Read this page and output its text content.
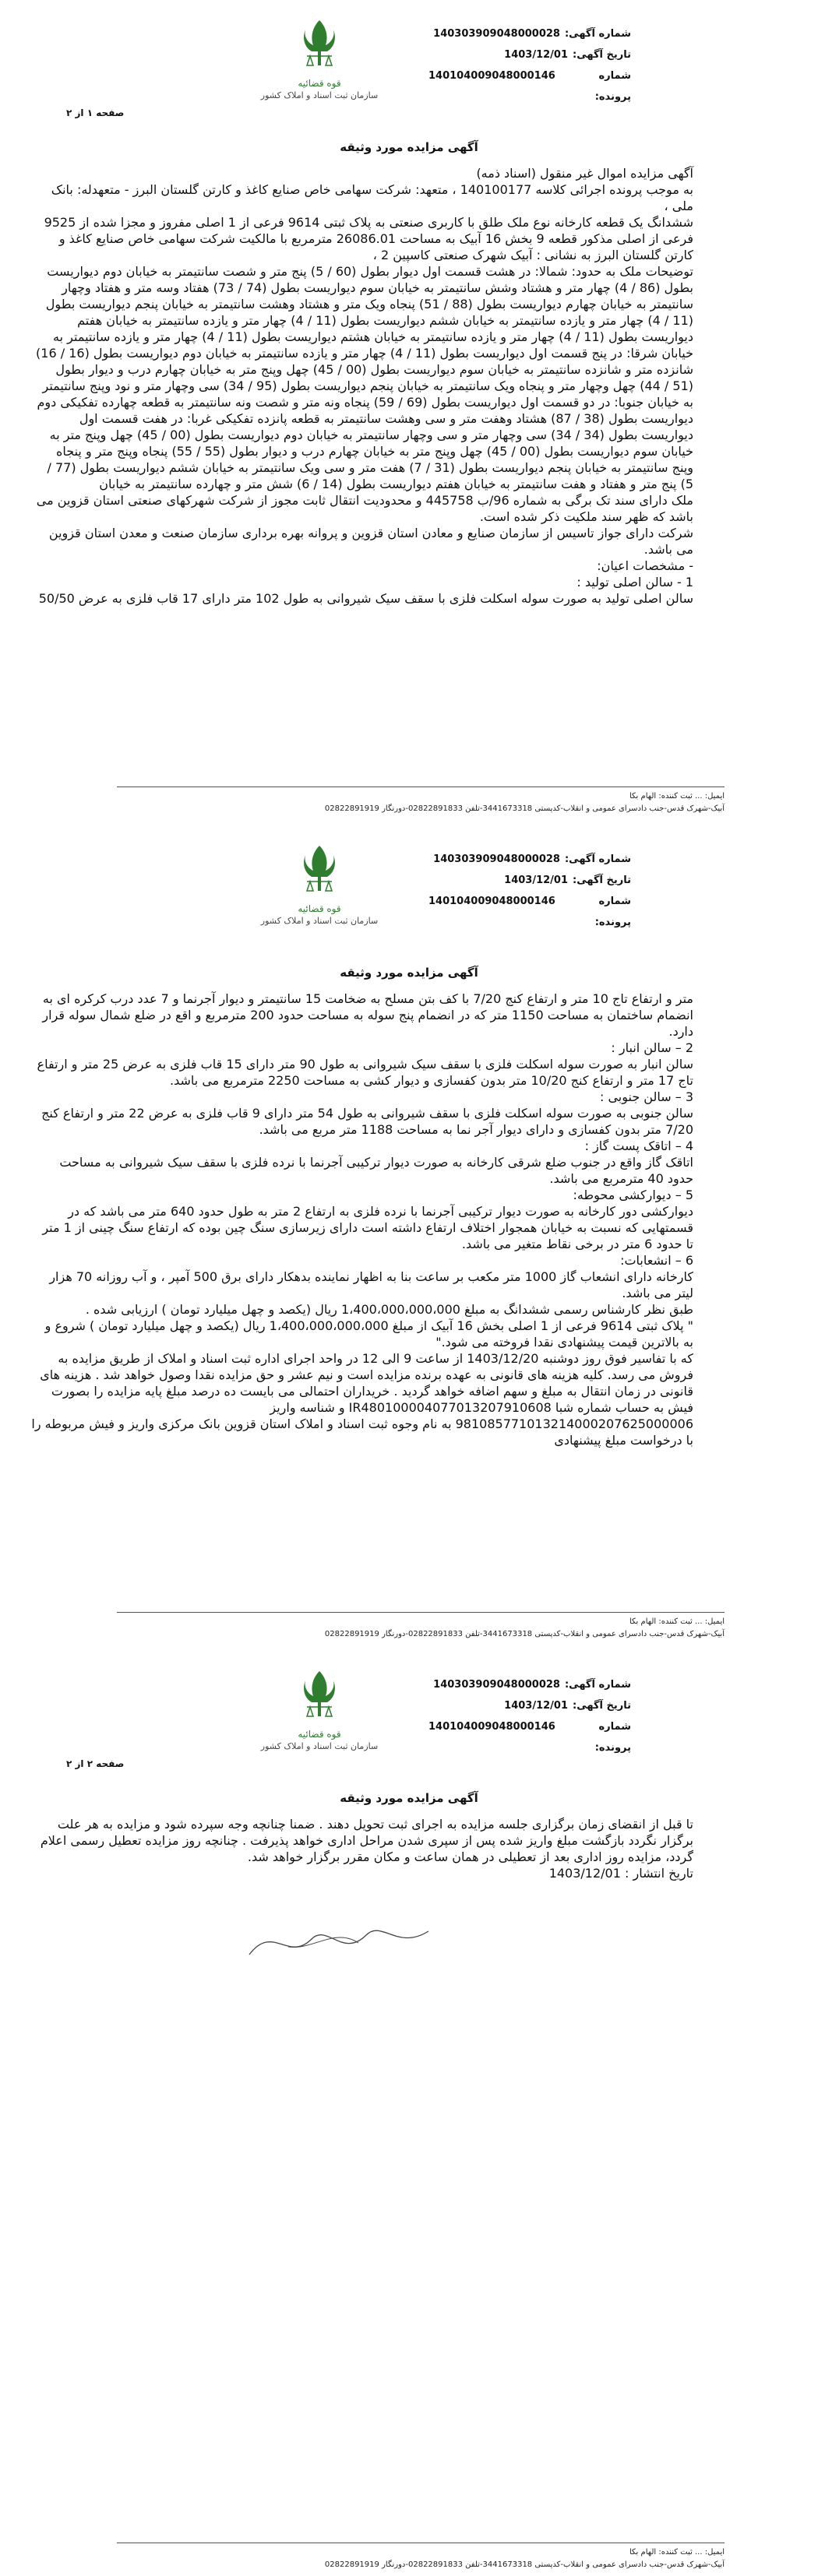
شماره آگهی:
140303909048000028
تاریخ آگهی:
1403/12/01
شماره پرونده:
140104009048000146
قوه قضائیه
سازمان ثبت اسناد و املاک کشور
صفحه ۱ از ۲
آگهی مزایده مورد وثیقه

آگهی مزایده اموال غیر منقول (اسناد ذمه)

به موجب پرونده اجرائی کلاسه 140100177 ، متعهد: شرکت سهامی خاص صنایع کاغذ و کارتن گلستان البرز - متعهدله: بانک ملی ،

ششدانگ یک قطعه کارخانه نوع ملک طلق با کاربری صنعتی به پلاک ثبتی 9614 فرعی از 1 اصلی مفروز و مجزا شده از 9525 فرعی از اصلی مذکور قطعه 9 بخش 16 آبیک به مساحت 26086.01 مترمربع با مالکیت شرکت سهامی خاص صنایع کاغذ و کارتن گلستان البرز به نشانی : آبیک شهرک صنعتی کاسپین 2 ،

توضیحات ملک به حدود: شمالا: در هشت قسمت اول دیوار بطول (60 / 5) پنج متر و شصت سانتیمتر به خیابان دوم دیواریست بطول (86 / 4) چهار متر و هشتاد وشش سانتیمتر به خیابان سوم دیواریست بطول (74 / 73) هفتاد وسه متر و هفتاد وچهار سانتیمتر به خیابان چهارم دیواریست بطول (88 / 51) پنجاه ویک متر و هشتاد وهشت سانتیمتر به خیابان پنجم دیواریست بطول (11 / 4) چهار متر و یازده سانتیمتر به خیابان ششم دیواریست بطول (11 / 4) چهار متر و یازده سانتیمتر به خیابان هفتم دیواریست بطول (11 / 4) چهار متر و یازده سانتیمتر به خیابان هشتم دیواریست بطول (11 / 4) چهار متر و یازده سانتیمتر به خیابان شرقا: در پنج قسمت اول دیواریست بطول (11 / 4) چهار متر و یازده سانتیمتر به خیابان دوم دیواریست بطول (16 / 16) شانزده متر و شانزده سانتیمتر به خیابان سوم دیواریست بطول (00 / 45) چهل وپنج متر به خیابان چهارم درب و دیوار بطول (51 / 44) چهل وچهار متر و پنجاه ویک سانتیمتر به خیابان پنجم دیواریست بطول (95 / 34) سی وچهار متر و نود وپنج سانتیمتر به خیابان جنوبا: در دو قسمت اول دیواریست بطول (69 / 59) پنجاه ونه متر و شصت ونه سانتیمتر به قطعه چهارده تفکیکی دوم دیواریست بطول (38 / 87) هشتاد وهفت متر و سی وهشت سانتیمتر به قطعه پانزده تفکیکی غربا: در هفت قسمت اول دیواریست بطول (34 / 34) سی وچهار متر و سی وچهار سانتیمتر به خیابان دوم دیواریست بطول (00 / 45) چهل وپنج متر به خیابان سوم دیواریست بطول (00 / 45) چهل وپنج متر به خیابان چهارم درب و دیوار بطول (55 / 55) پنجاه وپنج متر و پنجاه وپنج سانتیمتر به خیابان پنجم دیواریست بطول (31 / 7) هفت متر و سی ویک سانتیمتر به خیابان ششم دیواریست بطول (77 / 5) پنج متر و هفتاد و هفت سانتیمتر به خیابان هفتم دیواریست بطول (14 / 6) شش متر و چهارده سانتیمتر به خیابان

ملک دارای سند تک برگی به شماره 96/ب 445758 و محدودیت انتقال ثابت مجوز از شرکت شهرکهای صنعتی استان قزوین می باشد که ظهر سند ملکیت ذکر شده است.

شرکت دارای جواز تاسیس از سازمان صنایع و معادن استان قزوین و پروانه بهره برداری سازمان صنعت و معدن استان قزوین می باشد.

- مشخصات اعیان:

1 - سالن اصلی تولید :

سالن اصلی تولید به صورت سوله اسکلت فلزی با سقف سیک شیروانی به طول 102 متر دارای 17 قاب فلزی به عرض 50/50

ایمیل: ... ثبت کننده: الهام بکا
آبیک-شهرک قدس-جنب دادسرای عمومی و انقلاب-کدپستی 3441673318-تلفن 02822891833-دورنگار 02822891919
شماره آگهی:
140303909048000028
تاریخ آگهی:
1403/12/01
شماره پرونده:
140104009048000146
قوه قضائیه
سازمان ثبت اسناد و املاک کشور
آگهی مزایده مورد وثیقه

متر و ارتفاع تاج 10 متر و ارتفاع کنج 7/20 با کف بتن مسلح به ضخامت 15 سانتیمتر و دیوار آجرنما و 7 عدد درب کرکره ای به انضمام ساختمان به مساحت 1150 متر که در انضمام پنج سوله به مساحت حدود 200 مترمربع و اقع در ضلع شمال سوله قرار دارد.

2 – سالن انبار :

سالن انبار به صورت سوله اسکلت فلزی با سقف سیک شیروانی به طول 90 متر دارای 15 قاب فلزی به عرض 25 متر و ارتفاع تاج 17 متر و ارتفاع کنج 10/20 متر بدون کفسازی و دیوار کشی به مساحت 2250 مترمربع می باشد.

3 – سالن جنوبی :

سالن جنوبی به صورت سوله اسکلت فلزی با سقف شیروانی به طول 54 متر دارای 9 قاب فلزی به عرض 22 متر و ارتفاع کنج 7/20 متر بدون کفسازی و دارای دیوار آجر نما به مساحت 1188 متر مربع می باشد.

4 – اتاقک پست گاز :

اتاقک گاز واقع در جنوب ضلع شرقی کارخانه به صورت دیوار ترکیبی آجرنما با نرده فلزی با سقف سیک شیروانی به مساحت حدود 40 مترمربع می باشد.

5 – دیوارکشی محوطه:

دیوارکشی دور کارخانه به صورت دیوار ترکیبی آجرنما با نرده فلزی به ارتفاع 2 متر به طول حدود 640 متر می باشد که در قسمتهایی که نسبت به خیابان همجوار اختلاف ارتفاع داشته است دارای زیرسازی سنگ چین بوده که ارتفاع سنگ چینی از 1 متر تا حدود 6 متر در برخی نقاط متغیر می باشد.

6 – انشعابات:

کارخانه دارای انشعاب گاز 1000 متر مکعب بر ساعت بنا به اظهار نماینده بدهکار دارای برق 500 آمپر ، و آب روزانه 70 هزار لیتر می باشد.

طبق نظر کارشناس رسمی ششدانگ به مبلغ 1،400،000،000،000 ریال (یکصد و چهل میلیارد تومان ) ارزیابی شده .

" پلاک ثبتی 9614 فرعی از 1 اصلی بخش 16 آبیک از مبلغ 1،400،000،000،000 ریال (یکصد و چهل میلیارد تومان ) شروع و به بالاترین قیمت پیشنهادی نقدا فروخته می شود."

که با تفاسیر فوق روز دوشنبه 1403/12/20 از ساعت 9 الی 12 در واحد اجرای اداره ثبت اسناد و املاک از طریق مزایده به فروش می رسد. کلیه هزینه های قانونی به عهده برنده مزایده است و نیم عشر و حق مزایده نقدا وصول خواهد شد . هزینه های قانونی در زمان انتقال به مبلغ و سهم اضافه خواهد گردید . خریداران احتمالی می بایست ده درصد مبلغ پایه مزایده را بصورت فیش به حساب شماره شبا IR480100004077013207910608 و شناسه واریز 981085771013214000207625000006 به نام وجوه ثبت اسناد و املاک استان قزوین بانک مرکزی واریز و فیش مربوطه را با درخواست مبلغ پیشنهادی

ایمیل: ... ثبت کننده: الهام بکا
آبیک-شهرک قدس-جنب دادسرای عمومی و انقلاب-کدپستی 3441673318-تلفن 02822891833-دورنگار 02822891919
شماره آگهی:
140303909048000028
تاریخ آگهی:
1403/12/01
شماره پرونده:
140104009048000146
قوه قضائیه
سازمان ثبت اسناد و املاک کشور
صفحه ۲ از ۲
آگهی مزایده مورد وثیقه

تا قبل از انقضای زمان برگزاری جلسه مزایده به اجرای ثبت تحویل دهند . ضمنا چنانچه وجه سپرده شود و مزایده به هر علت برگزار نگردد بازگشت مبلغ واریز شده پس از سپری شدن مراحل اداری خواهد پذیرفت . چنانچه روز مزایده تعطیل رسمی اعلام گردد، مزایده روز اداری بعد از تعطیلی در همان ساعت و مکان مقرر برگزار خواهد شد.

تاریخ انتشار : 1403/12/01

ایمیل: ... ثبت کننده: الهام بکا
آبیک-شهرک قدس-جنب دادسرای عمومی و انقلاب-کدپستی 3441673318-تلفن 02822891833-دورنگار 02822891919
